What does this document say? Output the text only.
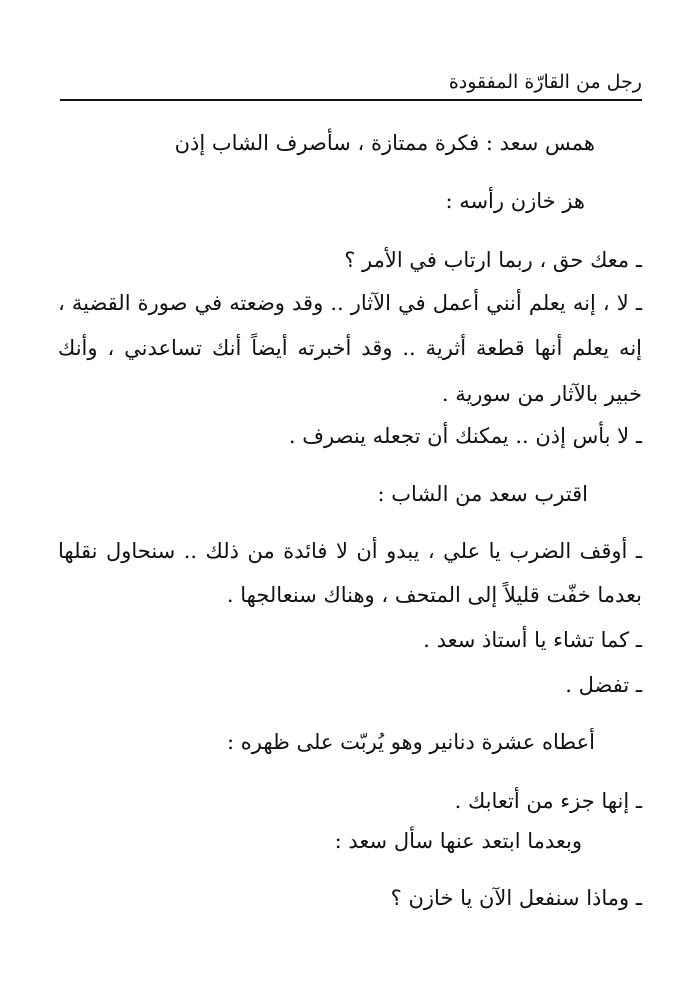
رجل من القارّة المفقودة
همس سعد : فكرة ممتازة ، سأصرف الشاب إذن
هز خازن رأسه :
ـ معك حق ، ربما ارتاب في الأمر ؟
ـ لا ، إنه يعلم أنني أعمل في الآثار .. وقد وضعته في صورة القضية ،
إنه يعلم أنها قطعة أثرية .. وقد أخبرته أيضاً أنك تساعدني ، وأنك
خبير بالآثار من سورية .
ـ لا بأس إذن .. يمكنك أن تجعله ينصرف .
اقترب سعد من الشاب :
ـ أوقف الضرب يا علي ، يبدو أن لا فائدة من ذلك .. سنحاول نقلها
بعدما خفّت قليلاً إلى المتحف ، وهناك سنعالجها .
ـ كما تشاء يا أستاذ سعد .
ـ تفضل .
أعطاه عشرة دنانير وهو يُربّت على ظهره :
ـ إنها جزء من أتعابك .
وبعدما ابتعد عنها سأل سعد :
ـ وماذا سنفعل الآن يا خازن ؟
